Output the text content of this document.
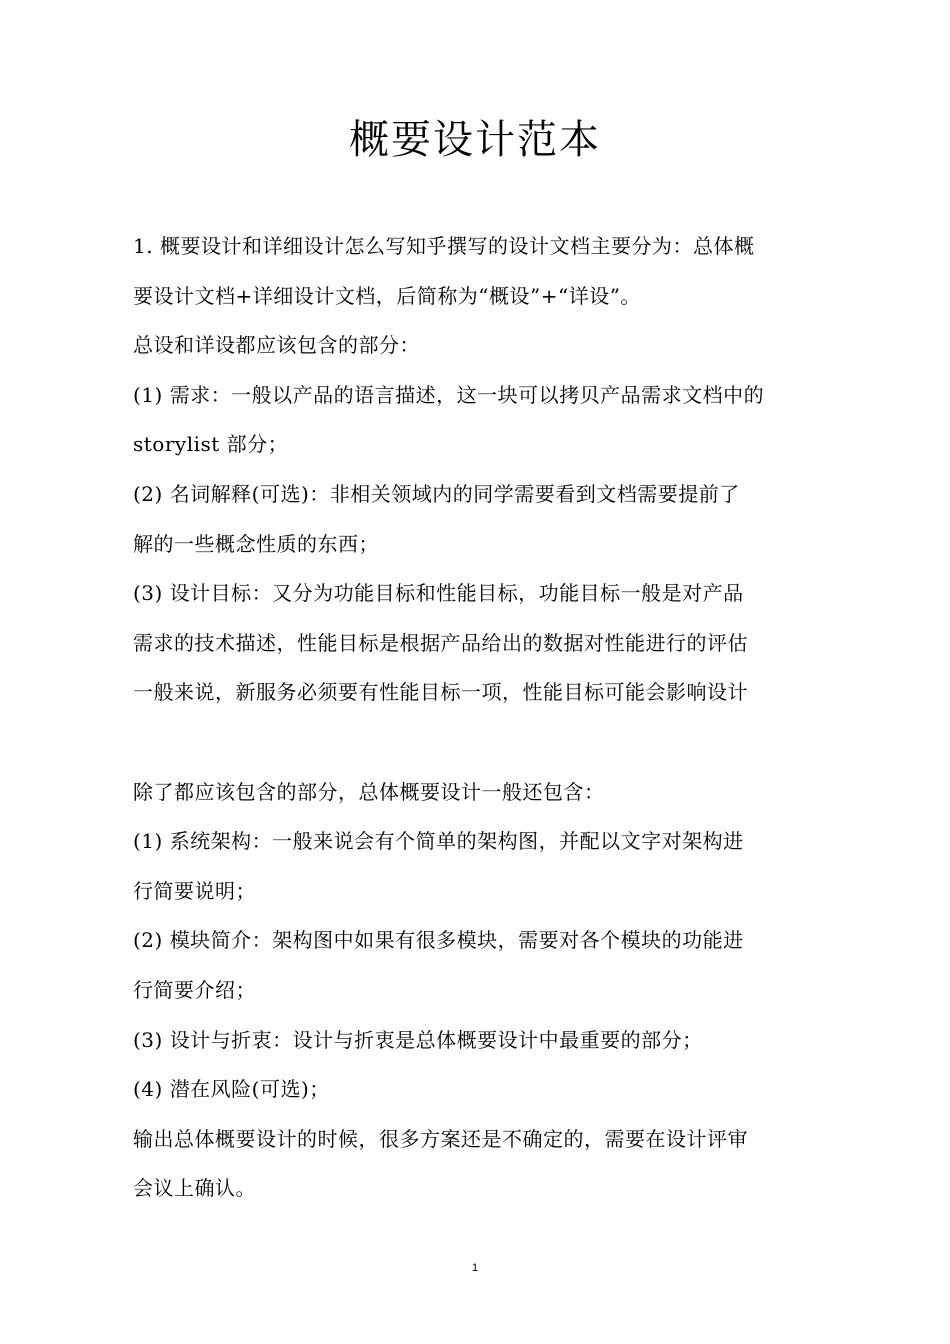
概要设计范本
1. 概要设计和详细设计怎么写知乎撰写的设计文档主要分为：总体概
要设计文档+详细设计文档，后简称为“概设”+“详设”。
总设和详设都应该包含的部分：
(1) 需求：一般以产品的语言描述，这一块可以拷贝产品需求文档中的
storylist 部分；
(2) 名词解释(可选)：非相关领域内的同学需要看到文档需要提前了
解的一些概念性质的东西；
(3) 设计目标：又分为功能目标和性能目标，功能目标一般是对产品
需求的技术描述，性能目标是根据产品给出的数据对性能进行的评估
一般来说，新服务必须要有性能目标一项，性能目标可能会影响设计
除了都应该包含的部分，总体概要设计一般还包含：
(1) 系统架构：一般来说会有个简单的架构图，并配以文字对架构进
行简要说明；
(2) 模块简介：架构图中如果有很多模块，需要对各个模块的功能进
行简要介绍；
(3) 设计与折衷：设计与折衷是总体概要设计中最重要的部分；
(4) 潜在风险(可选)；
输出总体概要设计的时候，很多方案还是不确定的，需要在设计评审
会议上确认。
1
